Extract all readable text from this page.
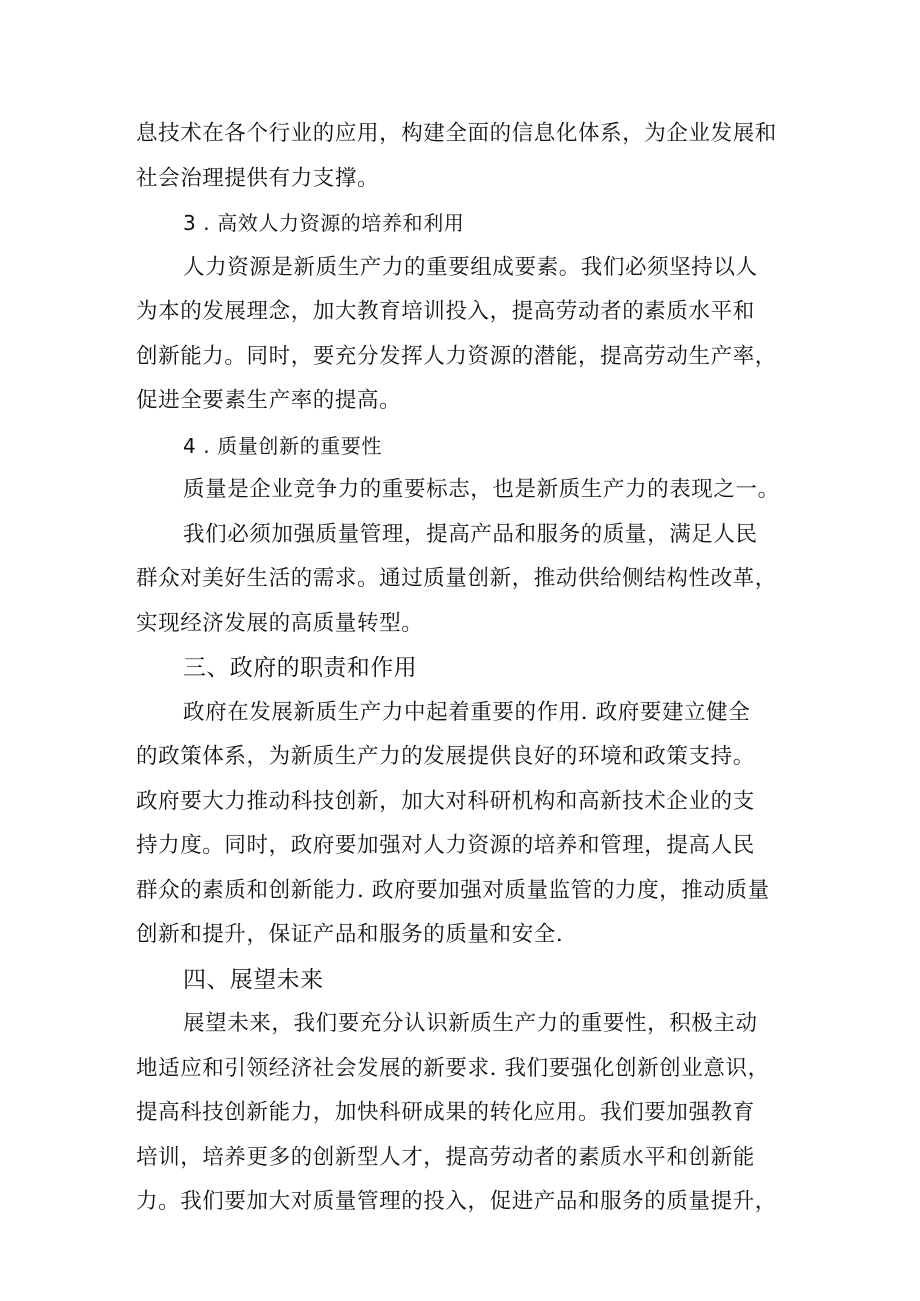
息技术在各个行业的应用，构建全面的信息化体系，为企业发展和
社会治理提供有力支撑。
3 . 高效人力资源的培养和利用
人力资源是新质生产力的重要组成要素。我们必须坚持以人
为本的发展理念，加大教育培训投入，提高劳动者的素质水平和
创新能力。同时，要充分发挥人力资源的潜能，提高劳动生产率，
促进全要素生产率的提高。
4 . 质量创新的重要性
质量是企业竞争力的重要标志，也是新质生产力的表现之一。
我们必须加强质量管理，提高产品和服务的质量，满足人民
群众对美好生活的需求。通过质量创新，推动供给侧结构性改革，
实现经济发展的高质量转型。
三、政府的职责和作用
政府在发展新质生产力中起着重要的作用. 政府要建立健全
的政策体系，为新质生产力的发展提供良好的环境和政策支持。
政府要大力推动科技创新，加大对科研机构和高新技术企业的支
持力度。同时，政府要加强对人力资源的培养和管理，提高人民
群众的素质和创新能力. 政府要加强对质量监管的力度，推动质量
创新和提升，保证产品和服务的质量和安全.
四、展望未来
展望未来，我们要充分认识新质生产力的重要性，积极主动
地适应和引领经济社会发展的新要求. 我们要强化创新创业意识，
提高科技创新能力，加快科研成果的转化应用。我们要加强教育
培训，培养更多的创新型人才，提高劳动者的素质水平和创新能
力。我们要加大对质量管理的投入，促进产品和服务的质量提升，
